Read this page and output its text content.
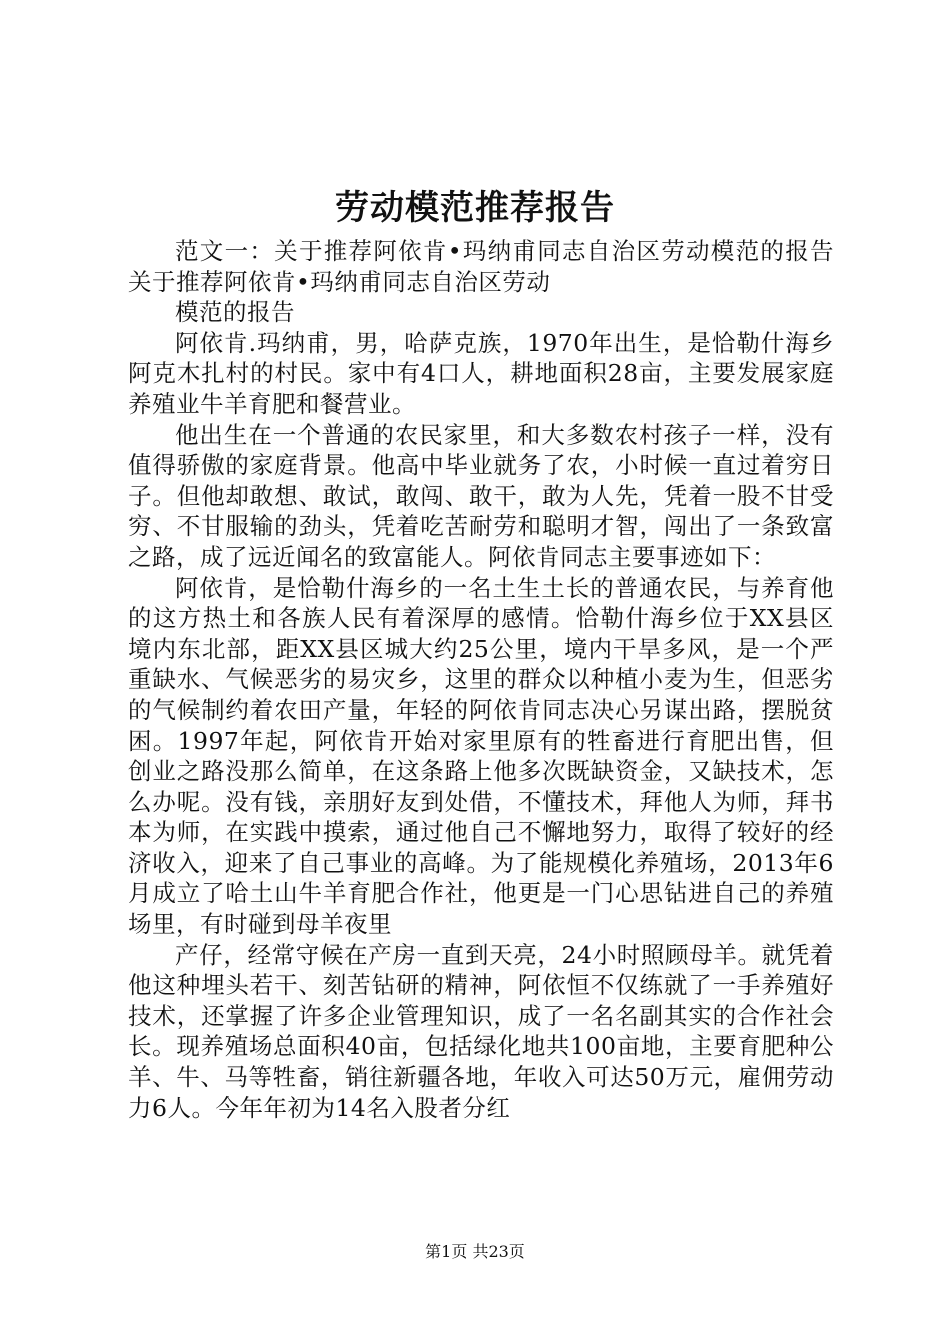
劳动模范推荐报告

范文一：关于推荐阿依肯•玛纳甫同志自治区劳动模范的报告关于推荐阿依肯•玛纳甫同志自治区劳动

模范的报告

阿依肯.玛纳甫，男，哈萨克族，1970年出生，是恰勒什海乡阿克木扎村的村民。家中有4口人，耕地面积28亩，主要发展家庭养殖业牛羊育肥和餐营业。

他出生在一个普通的农民家里，和大多数农村孩子一样，没有值得骄傲的家庭背景。他高中毕业就务了农，小时候一直过着穷日子。但他却敢想、敢试，敢闯、敢干，敢为人先，凭着一股不甘受穷、不甘服输的劲头，凭着吃苦耐劳和聪明才智，闯出了一条致富之路，成了远近闻名的致富能人。阿依肯同志主要事迹如下：

阿依肯，是恰勒什海乡的一名土生土长的普通农民，与养育他的这方热土和各族人民有着深厚的感情。恰勒什海乡位于XX县区境内东北部，距XX县区城大约25公里，境内干旱多风，是一个严重缺水、气候恶劣的易灾乡，这里的群众以种植小麦为生，但恶劣的气候制约着农田产量，年轻的阿依肯同志决心另谋出路，摆脱贫困。1997年起，阿依肯开始对家里原有的牲畜进行育肥出售，但创业之路没那么简单，在这条路上他多次既缺资金，又缺技术，怎么办呢。没有钱，亲朋好友到处借，不懂技术，拜他人为师，拜书本为师，在实践中摸索，通过他自己不懈地努力，取得了较好的经济收入，迎来了自己事业的高峰。为了能规模化养殖场，2013年6月成立了哈土山牛羊育肥合作社，他更是一门心思钻进自己的养殖场里，有时碰到母羊夜里

产仔，经常守候在产房一直到天亮，24小时照顾母羊。就凭着他这种埋头若干、刻苦钻研的精神，阿依恒不仅练就了一手养殖好技术，还掌握了许多企业管理知识，成了一名名副其实的合作社会长。现养殖场总面积40亩，包括绿化地共100亩地，主要育肥种公羊、牛、马等牲畜，销往新疆各地，年收入可达50万元，雇佣劳动力6人。今年年初为14名入股者分红

第1页 共23页
